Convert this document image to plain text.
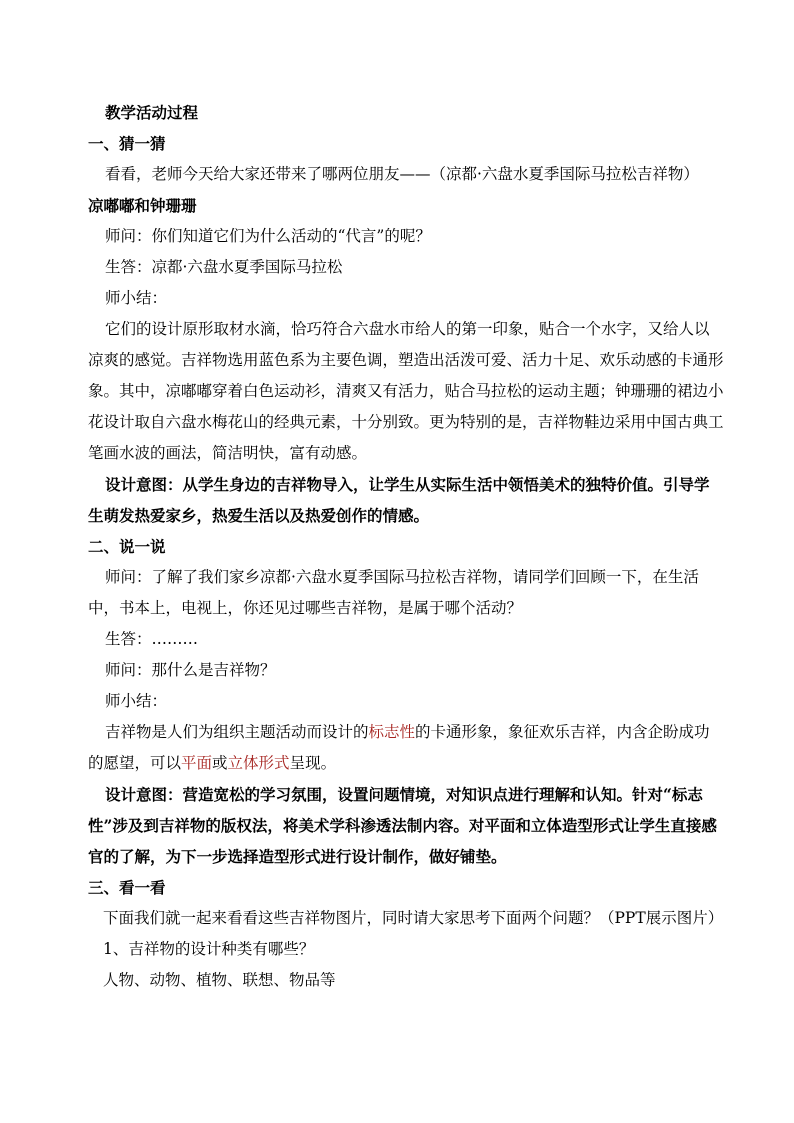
教学活动过程
一、猜一猜
看看，老师今天给大家还带来了哪两位朋友——（凉都·六盘水夏季国际马拉松吉祥物）
凉嘟嘟和钟珊珊
师问：你们知道它们为什么活动的“代言”的呢？
生答：凉都·六盘水夏季国际马拉松
师小结：
它们的设计原形取材水滴，恰巧符合六盘水市给人的第一印象，贴合一个水字，又给人以
凉爽的感觉。吉祥物选用蓝色系为主要色调，塑造出活泼可爱、活力十足、欢乐动感的卡通形
象。其中，凉嘟嘟穿着白色运动衫，清爽又有活力，贴合马拉松的运动主题；钟珊珊的裙边小
花设计取自六盘水梅花山的经典元素，十分别致。更为特别的是，吉祥物鞋边采用中国古典工
笔画水波的画法，简洁明快，富有动感。
设计意图：从学生身边的吉祥物导入，让学生从实际生活中领悟美术的独特价值。引导学
生萌发热爱家乡，热爱生活以及热爱创作的情感。
二、说一说
师问：了解了我们家乡凉都·六盘水夏季国际马拉松吉祥物，请同学们回顾一下，在生活
中，书本上，电视上，你还见过哪些吉祥物，是属于哪个活动？
生答：………
师问：那什么是吉祥物？
师小结：
吉祥物是人们为组织主题活动而设计的标志性的卡通形象，象征欢乐吉祥，内含企盼成功
的愿望，可以平面或立体形式呈现。
设计意图：营造宽松的学习氛围，设置问题情境，对知识点进行理解和认知。针对“标志
性”涉及到吉祥物的版权法，将美术学科渗透法制内容。对平面和立体造型形式让学生直接感
官的了解，为下一步选择造型形式进行设计制作，做好铺垫。
三、看一看
下面我们就一起来看看这些吉祥物图片，同时请大家思考下面两个问题？（PPT展示图片）
1、吉祥物的设计种类有哪些？
人物、动物、植物、联想、物品等
